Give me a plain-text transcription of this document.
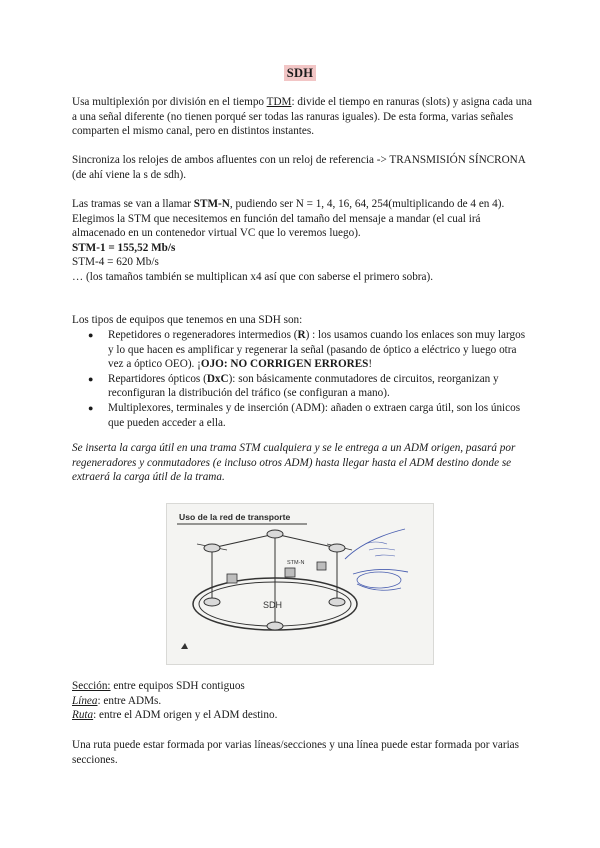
SDH

Usa multiplexión por división en el tiempo TDM: divide el tiempo en ranuras (slots) y asigna cada una a una señal diferente (no tienen porqué ser todas las ranuras iguales). De esta forma, varias señales comparten el mismo canal, pero en distintos instantes.

Sincroniza los relojes de ambos afluentes con un reloj de referencia -> TRANSMISIÓN SÍNCRONA (de ahí viene la s de sdh).

Las tramas se van a llamar STM-N, pudiendo ser N = 1, 4, 16, 64, 254(multiplicando de 4 en 4).
Elegimos la STM que necesitemos en función del tamaño del mensaje a mandar (el cual irá almacenado en un contenedor virtual VC que lo veremos luego).
STM-1 = 155,52 Mb/s
STM-4 = 620 Mb/s
… (los tamaños también se multiplican x4 así que con saberse el primero sobra).

Los tipos de equipos que tenemos en una SDH son:

● Repetidores o regeneradores intermedios (R) : los usamos cuando los enlaces son muy largos y lo que hacen es amplificar y regenerar la señal (pasando de óptico a eléctrico y luego otra vez a óptico OEO). ¡OJO: NO CORRIGEN ERRORES!
● Repartidores ópticos (DxC): son básicamente conmutadores de circuitos, reorganizan y reconfiguran la distribución del tráfico (se configuran a mano).
● Multiplexores, terminales y de inserción (ADM): añaden o extraen carga útil, son los únicos que pueden acceder a ella.

Se inserta la carga útil en una trama STM cualquiera y se le entrega a un ADM origen, pasará por regeneradores y conmutadores (e incluso otros ADM) hasta llegar hasta el ADM destino donde se extraerá la carga útil de la trama.

Uso de la red de transporte
SDH
STM-N

Sección: entre equipos SDH contiguos
Línea: entre ADMs.
Ruta: entre el ADM origen y el ADM destino.

Una ruta puede estar formada por varias líneas/secciones y una línea puede estar formada por varias secciones.
